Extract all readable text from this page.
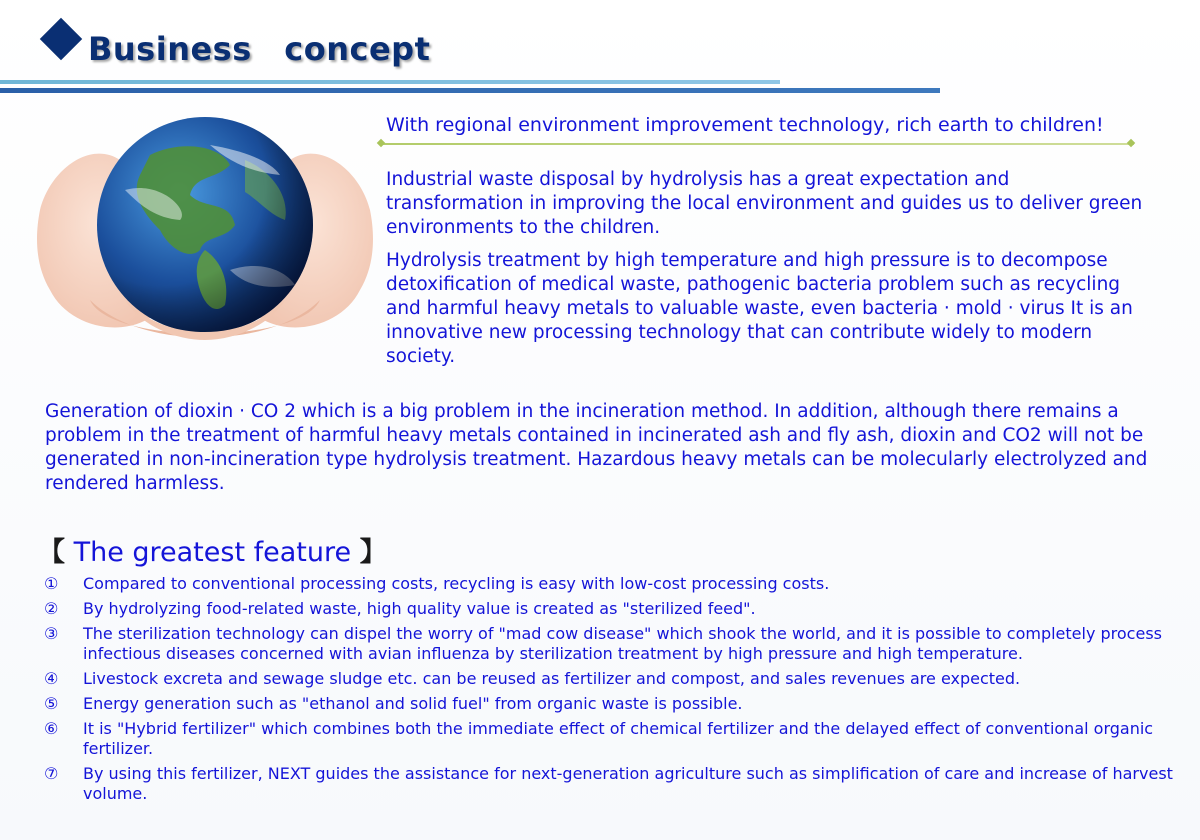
Business　concept
With regional environment improvement technology, rich earth to children!
Industrial waste disposal by hydrolysis has a great expectation and transformation in improving the local environment and guides us to deliver green environments to the children.
Hydrolysis treatment by high temperature and high pressure is to decompose detoxification of medical waste, pathogenic bacteria problem such as recycling and harmful heavy metals to valuable waste, even bacteria · mold · virus It is an innovative new processing technology that can contribute widely to modern society.
Generation of dioxin · CO 2 which is a big problem in the incineration method. In addition, although there remains a problem in the treatment of harmful heavy metals contained in incinerated ash and fly ash, dioxin and CO2 will not be generated in non-incineration type hydrolysis treatment. Hazardous heavy metals can be molecularly electrolyzed and rendered harmless.
【 The greatest feature 】
①	Compared to conventional processing costs, recycling is easy with low-cost processing costs.
②	By hydrolyzing food-related waste, high quality value is created as "sterilized feed".
③	The sterilization technology can dispel the worry of "mad cow disease" which shook the world, and it is possible to completely process infectious diseases concerned with avian influenza by sterilization treatment by high pressure and high temperature.
④	Livestock excreta and sewage sludge etc. can be reused as fertilizer and compost, and sales revenues are expected.
⑤	Energy generation such as "ethanol and solid fuel" from organic waste is possible.
⑥	It is "Hybrid fertilizer" which combines both the immediate effect of chemical fertilizer and the delayed effect of conventional organic fertilizer.
⑦	By using this fertilizer, NEXT guides the assistance for next-generation agriculture such as simplification of care and increase of harvest volume.
